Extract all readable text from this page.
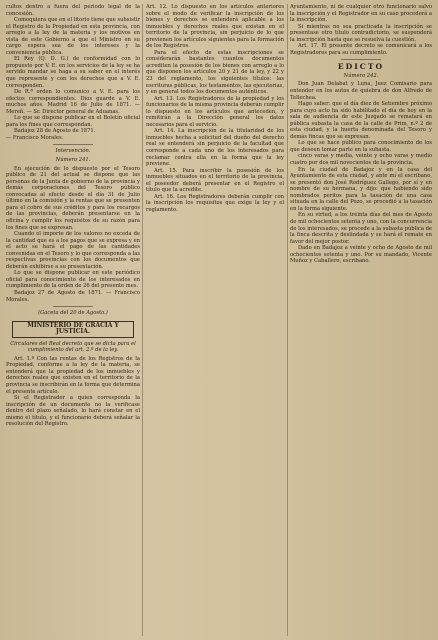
cultos dentro a fuera del periodo legal de la concesión.

Comoquiera que en el litorio tiene que subsistir el Registro de la Propiedad en esta provincia, con arreglo a la ley de la materia y los motivos en vista de este Gobierno a que el Ministro en su cargo espera sea de los intereses y la conveniencia pública.

El Rey (Q. D. G.) de conformidad con lo propuesto por V. E. en los servicios de la ley se ha servido mandar se haga a su saber en el interés que represente y con los derechos que a V. E. corresponden.

De R.ª orden lo comunico a V. E. para los efectos correspondientes. Dios guarde a V. E. muchos años. Madrid 16 de Julio de 1871. — Mereñ. — Sr. Director general de Aduanas.

Lo que se dispone publicar en el Boletín oficial para los fines que correspondan.

Badajoz 28 de Agosto de 1871.

— Francisco Morales.

Intervención.
Número 241.

En ejecución de lo dispuesto por el Tesoro público de 21 del actual se dispone que las personas de la Junta de gobierno de la provincia y demás corporaciones del Tesoro público convocadas al efecto desde el día 31 de Julio último en la comisión y la rentas que se presenten para el cobro de sus créditos y para los recargos de las provincias, deberán presentarse en la oficina y cumplir los requisitos de su razón para los fines que se expresan.

Cuando el importe de los valores no exceda de la cantidad que es a los pagos que se expresa y en el acto se hará el pago de las cantidades convenidas en el Tesoro y lo que corresponda a las respectivas provincias con los documentos que deberán exhibirse a su presentación.

Lo que se dispone publicar en este periódico oficial para conocimiento de los interesados en cumplimiento de la orden de 26 del presente mes.

Badajoz 27 de Agosto de 1871. — Francisco Morales.

(Gaceta del 20 de Agosto.)
MINISTERIO DE GRACIA Y JUSTICIA.
Circulares del Real decreto que se dicta para el cumplimiento del art. 2.º de la ley.

Art. 1.º Con las rentas de los Registros de la Propiedad, conforme a la ley de la materia, se entenderá que la propiedad de los inmuebles y derechos reales que existen en el territorio de la provincia se inscribirán en la forma que determina el presente artículo.

Si el Registrador a quien corresponda la inscripción de un documento no la verificase dentro del plazo señalado, lo hará constar en el mismo el título, y el funcionario deberá señalar la resolución del Registro.

Art. 12. Lo dispuesto en los artículos anteriores sobre el modo de verificar la inscripción de los bienes y derechos se entenderá aplicable a los inmuebles y derechos reales que existan en el territorio de la provincia, sin perjuicio de lo que previenen los artículos siguientes para la formación de los Registros.

Para el efecto de estas inscripciones se considerarán bastantes cuantos documentos acrediten la posesión de los bienes con arreglo a lo que disponen los artículos 20 y 21 de la ley, y 22 y 23 del reglamento, los siguientes títulos: las escrituras públicas, los testamentos, las ejecutorias, y en general todos los documentos auténticos.

Art. 13. Los Registradores de la propiedad y los funcionarios de la misma provincia deberán cumplir lo dispuesto en los artículos que anteceden, y remitirán a la Dirección general los datos necesarios para el servicio.

Art. 14. La inscripción de la titularidad de los inmuebles hecha a solicitud del dueño del derecho real se entenderá sin perjuicio de la facultad que corresponde a cada uno de los interesados para reclamar contra ella en la forma que la ley previene.

Art. 15. Para inscribir la posesión de los inmuebles situados en el territorio de la provincia, el poseedor deberá presentar en el Registro el título que la acredite.

Art. 16. Los Registradores deberán cumplir con la inscripción los requisitos que exige la ley y el reglamento.

Ayuntamiento, ni de cualquier otro funcionario salvo la inscripción y el Registrador en su caso procederá a la inscripción.

Si mientras no sea practicada la inscripción se presentase otro título contradictorio, se suspenderá la inscripción hasta que se resuelva la cuestión.

Art. 17. El presente decreto se comunicará a los Registradores para su cumplimiento.

EDICTO
Número 242.

Don Juan Delabat y Luna, Juez Comisario para entender en los autos de quiebra de don Alfredo de Tellechea.

Hago saber: que el día diez de Setiembre próximo para cuyo acto ha sido habilitado el día de hoy en la sala de audiencia de este Juzgado se rematará en pública subasta la casa de la calle de Prim, n.º 2 de esta ciudad, y la huerta denominada del Tesoro y demás fincas que se expresan.

Lo que se hace público para conocimiento de los que deseen tomar parte en la subasta.

cinco varas y media, veinte y ocho varas y medio cuatro por dos mil novecientos de la provincia.

En la ciudad de Badajoz y en la casa del Ayuntamiento de esta ciudad, y ante mí el escribano, se presentó don José Rodríguez Gallego, por sí y en nombre de su hermana, y dijo: que habiendo sido nombrados peritos para la tasación de una casa situada en la calle del Pozo, se procedió a la tasación en la forma siguiente.

En su virtud, a los treinta días del mes de Agosto de mil ochocientos setenta y uno, con la concurrencia de los interesados, se procede a la subasta pública de la finca descrita y deslindada y se hará el remate en favor del mejor postor.

Dado en Badajoz a veinte y ocho de Agosto de mil ochocientos setenta y uno. Por su mandado, Vicente Muñoz y Caballero, escribano.
